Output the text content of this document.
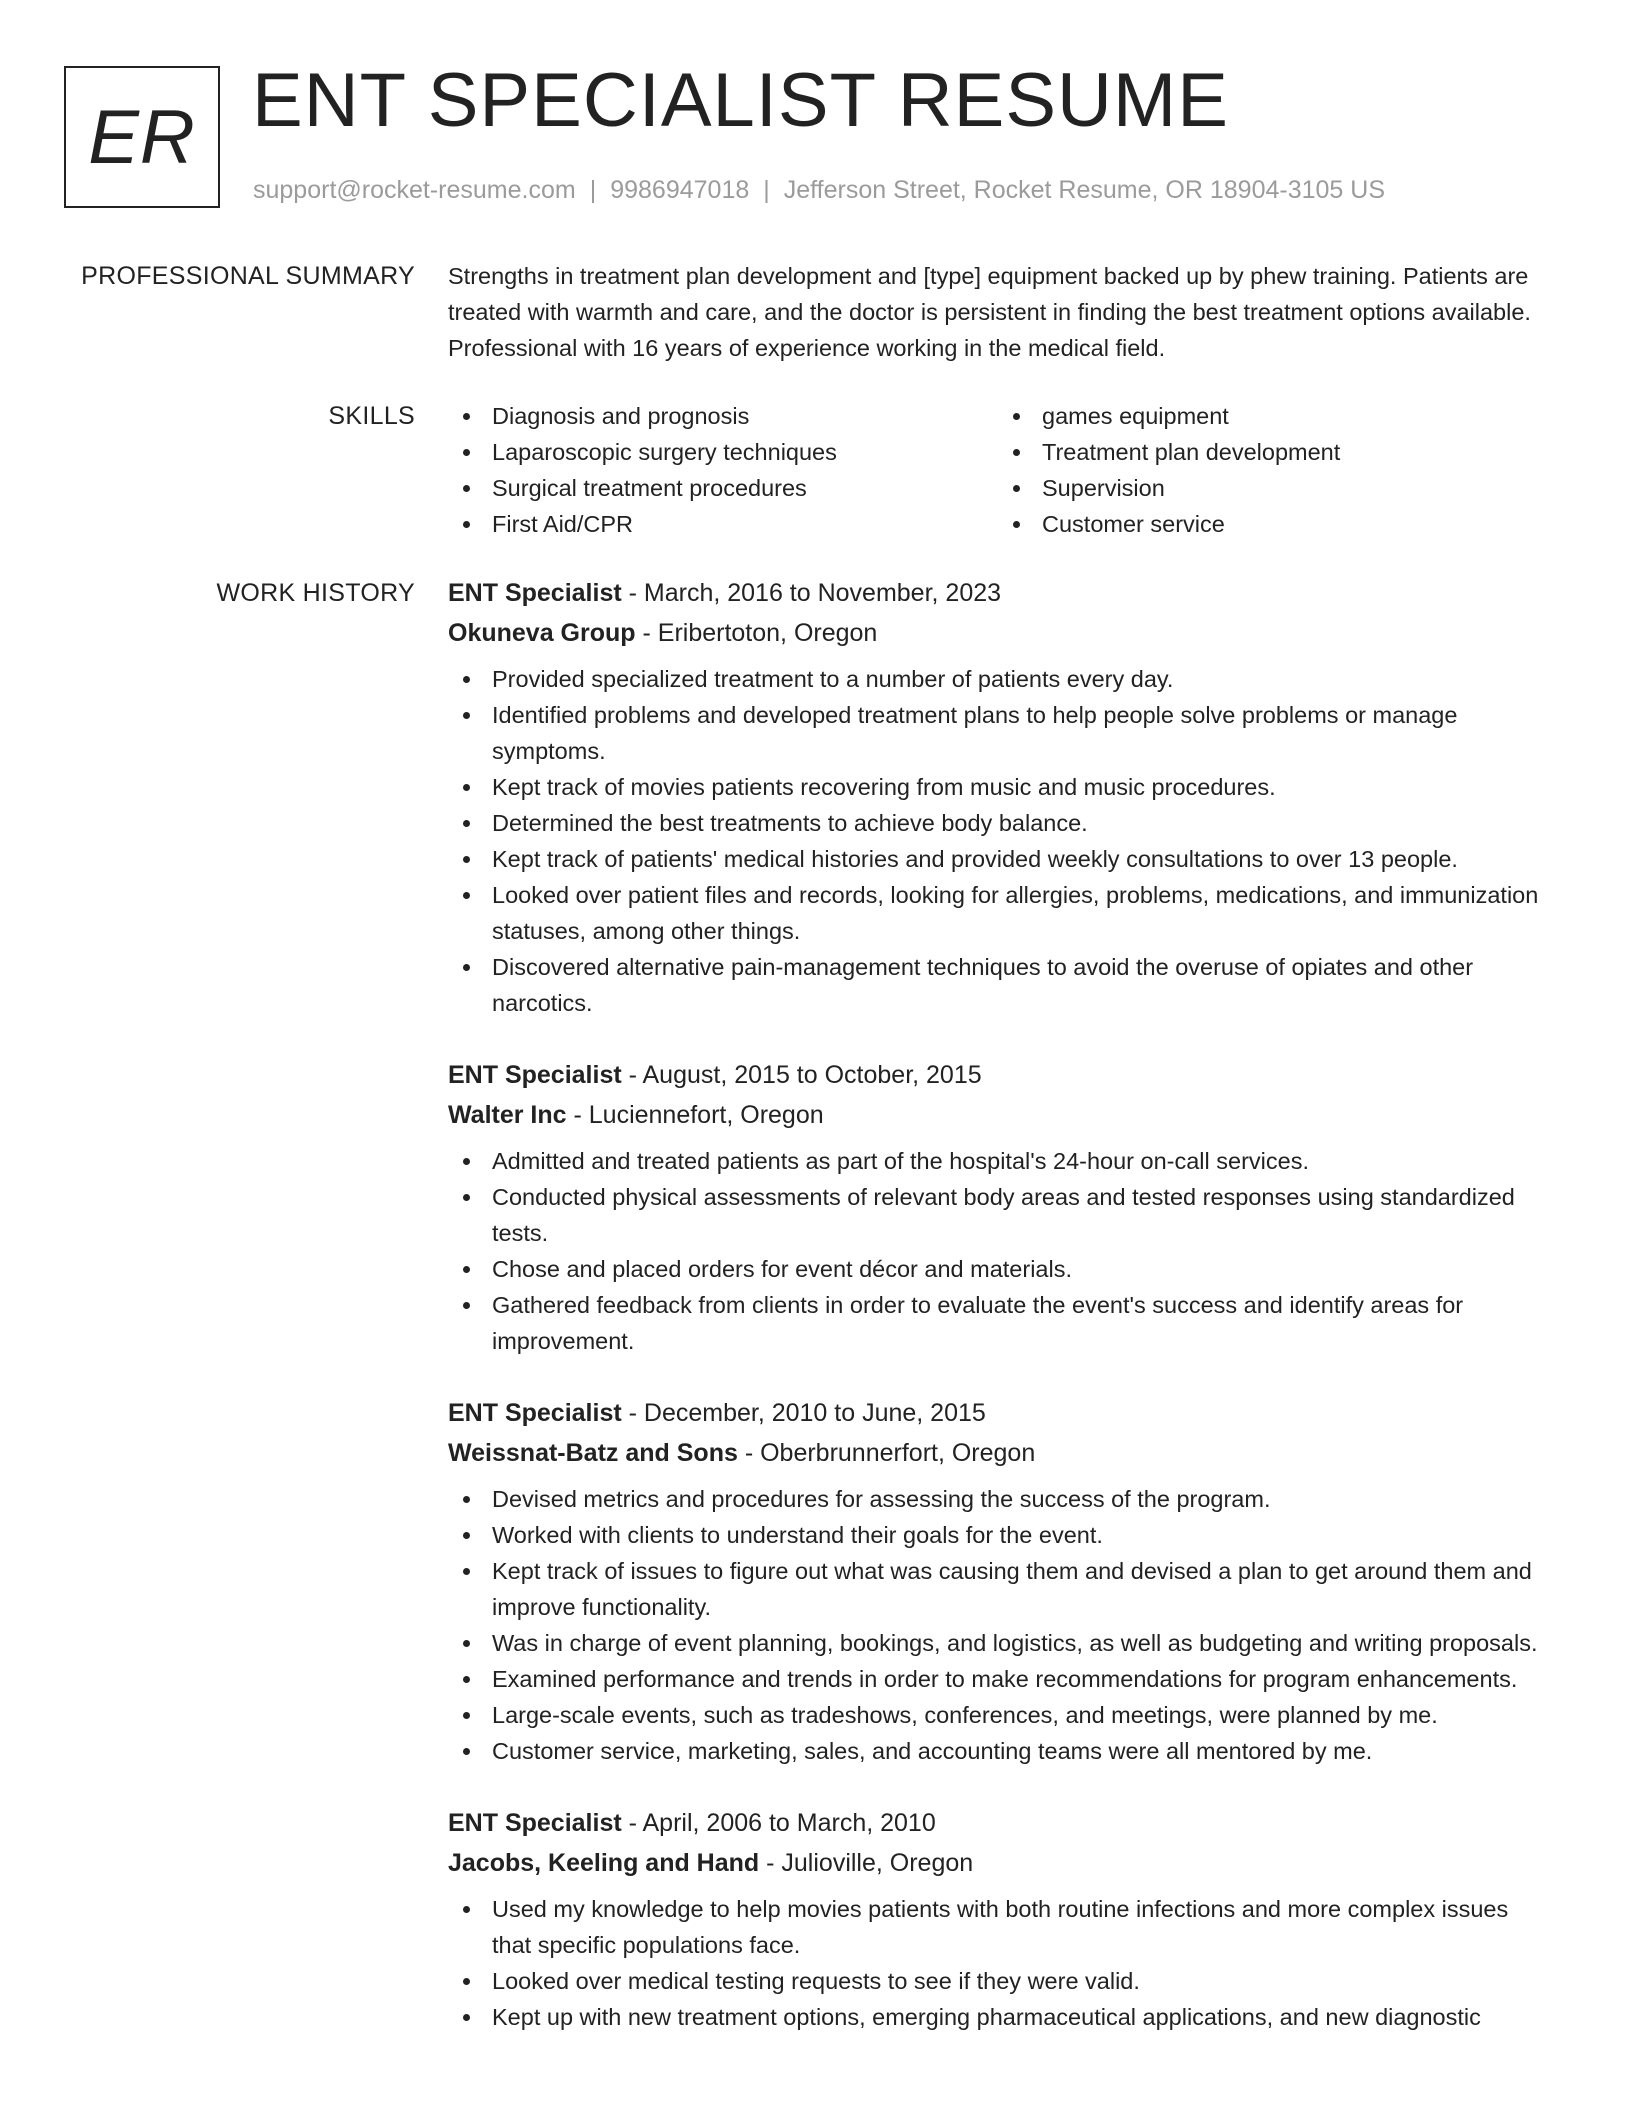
ER ENT SPECIALIST RESUME
support@rocket-resume.com | 9986947018 | Jefferson Street, Rocket Resume, OR 18904-3105 US
PROFESSIONAL SUMMARY Strengths in treatment plan development and [type] equipment backed up by phew training. Patients are treated with warmth and care, and the doctor is persistent in finding the best treatment options available. Professional with 16 years of experience working in the medical field.

SKILLS	Diagnosis and prognosis
Laparoscopic surgery techniques
Surgical treatment procedures
First Aid/CPR
games equipment
Treatment plan development
Supervision
Customer service
WORK HISTORY ENT Specialist - March, 2016 to November, 2023
Okuneva Group - Eribertoton, Oregon
Provided specialized treatment to a number of patients every day.
Identified problems and developed treatment plans to help people solve problems or manage symptoms.
Kept track of movies patients recovering from music and music procedures.
Determined the best treatments to achieve body balance.
Kept track of patients' medical histories and provided weekly consultations to over 13 people.
Looked over patient files and records, looking for allergies, problems, medications, and immunization statuses, among other things.
Discovered alternative pain-management techniques to avoid the overuse of opiates and other narcotics.
ENT Specialist - August, 2015 to October, 2015
Walter Inc - Luciennefort, Oregon
Admitted and treated patients as part of the hospital's 24-hour on-call services.
Conducted physical assessments of relevant body areas and tested responses using standardized tests.
Chose and placed orders for event décor and materials.
Gathered feedback from clients in order to evaluate the event's success and identify areas for improvement.
ENT Specialist - December, 2010 to June, 2015
Weissnat-Batz and Sons - Oberbrunnerfort, Oregon
Devised metrics and procedures for assessing the success of the program.
Worked with clients to understand their goals for the event.
Kept track of issues to figure out what was causing them and devised a plan to get around them and improve functionality.
Was in charge of event planning, bookings, and logistics, as well as budgeting and writing proposals.
Examined performance and trends in order to make recommendations for program enhancements.
Large-scale events, such as tradeshows, conferences, and meetings, were planned by me.
Customer service, marketing, sales, and accounting teams were all mentored by me.
ENT Specialist - April, 2006 to March, 2010
Jacobs, Keeling and Hand - Julioville, Oregon
Used my knowledge to help movies patients with both routine infections and more complex issues that specific populations face.
Looked over medical testing requests to see if they were valid.
Kept up with new treatment options, emerging pharmaceutical applications, and new diagnostic
